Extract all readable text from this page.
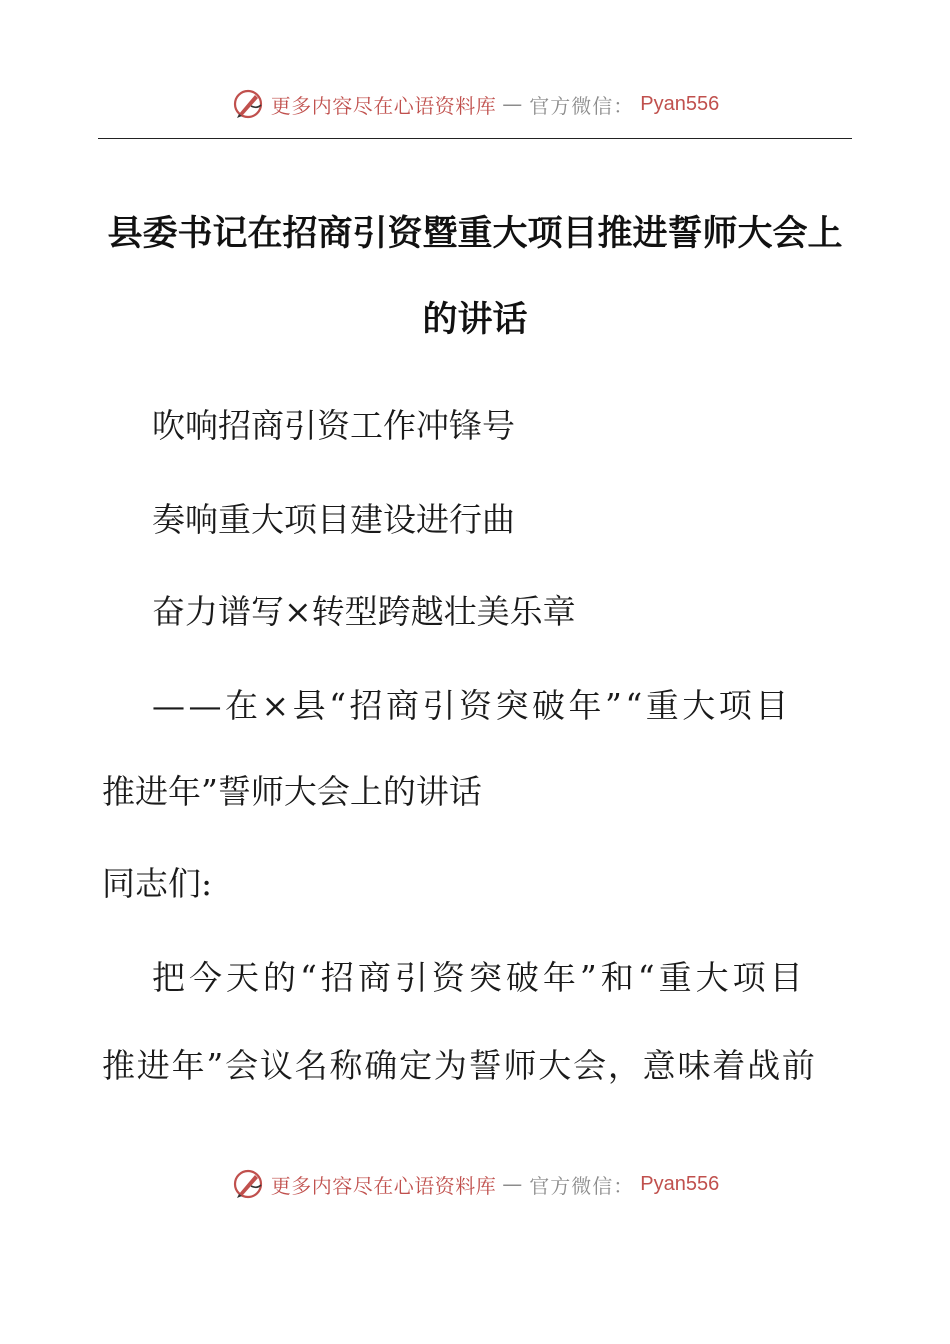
更多内容尽在心语资料库 — 官方微信： Pyan556
县委书记在招商引资暨重大项目推进誓师大会上
的讲话

吹响招商引资工作冲锋号

奏响重大项目建设进行曲

奋力谱写×转型跨越壮美乐章

——在×县“招商引资突破年”“重大项目

推进年”誓师大会上的讲话

同志们:

把今天的“招商引资突破年”和“重大项目

推进年”会议名称确定为誓师大会，意味着战前

更多内容尽在心语资料库 — 官方微信： Pyan556
